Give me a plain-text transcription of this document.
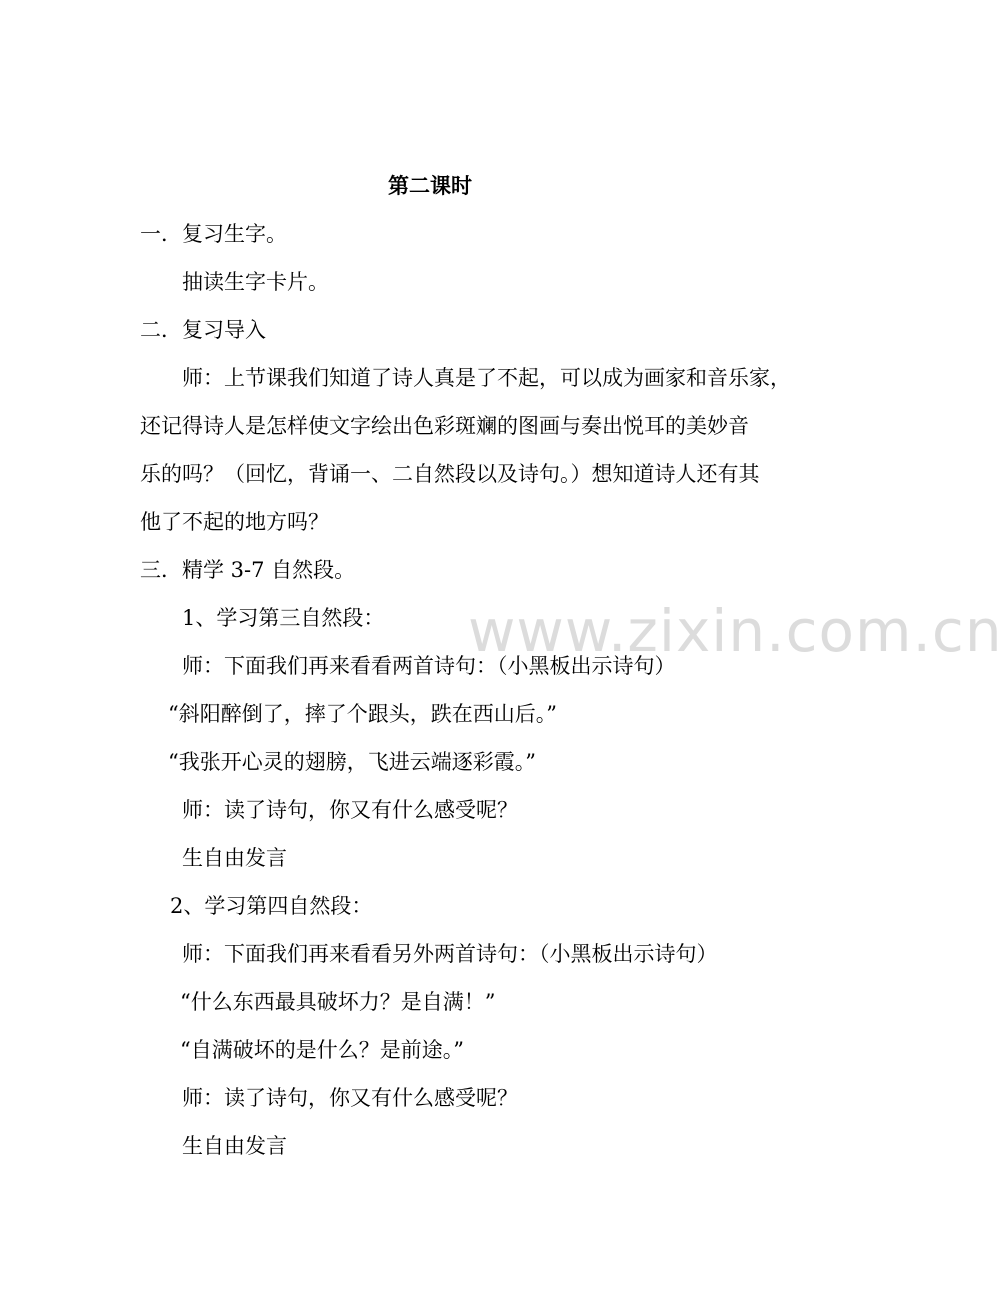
第二课时
一．复习生字。
抽读生字卡片。
二．复习导入
师：上节课我们知道了诗人真是了不起，可以成为画家和音乐家，
还记得诗人是怎样使文字绘出色彩斑斓的图画与奏出悦耳的美妙音
乐的吗？（回忆，背诵一、二自然段以及诗句。）想知道诗人还有其
他了不起的地方吗？
三．精学 3-7 自然段。
1、学习第三自然段：
师：下面我们再来看看两首诗句：（小黑板出示诗句）
“斜阳醉倒了，摔了个跟头，跌在西山后。”
“我张开心灵的翅膀，飞进云端逐彩霞。”
师：读了诗句，你又有什么感受呢？
生自由发言
2、学习第四自然段：
师：下面我们再来看看另外两首诗句：（小黑板出示诗句）
“什么东西最具破坏力？是自满！”
“自满破坏的是什么？是前途。”
师：读了诗句，你又有什么感受呢？
生自由发言
www.zixin.com.cn
